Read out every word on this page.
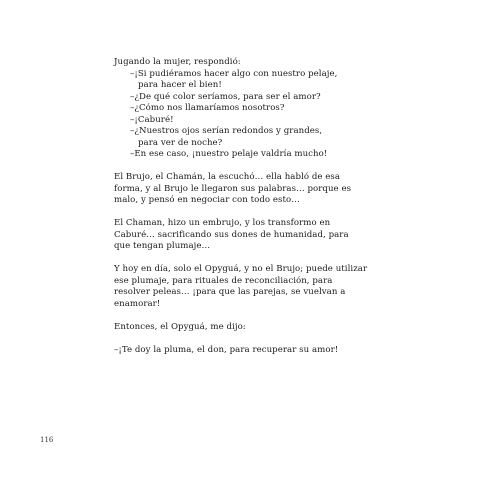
Jugando la mujer, respondió:
–¡Si pudiéramos hacer algo con nuestro pelaje,
para hacer el bien!
–¿De qué color seríamos, para ser el amor?
–¿Cómo nos llamaríamos nosotros?
–¡Caburé!
–¿Nuestros ojos serían redondos y grandes,
para ver de noche?
–En ese caso, ¡nuestro pelaje valdría mucho!
El Brujo, el Chamán, la escuchó… ella habló de esa
forma, y al Brujo le llegaron sus palabras… porque es
malo, y pensó en negociar con todo esto…
El Chaman, hizo un embrujo, y los transformo en
Caburé… sacrificando sus dones de humanidad, para
que tengan plumaje…
Y hoy en día, solo el Opyguá, y no el Brujo; puede utilizar
ese plumaje, para rituales de reconciliación, para
resolver peleas… ¡para que las parejas, se vuelvan a
enamorar!
Entonces, el Opyguá, me dijo:
–¡Te doy la pluma, el don, para recuperar su amor!
116
